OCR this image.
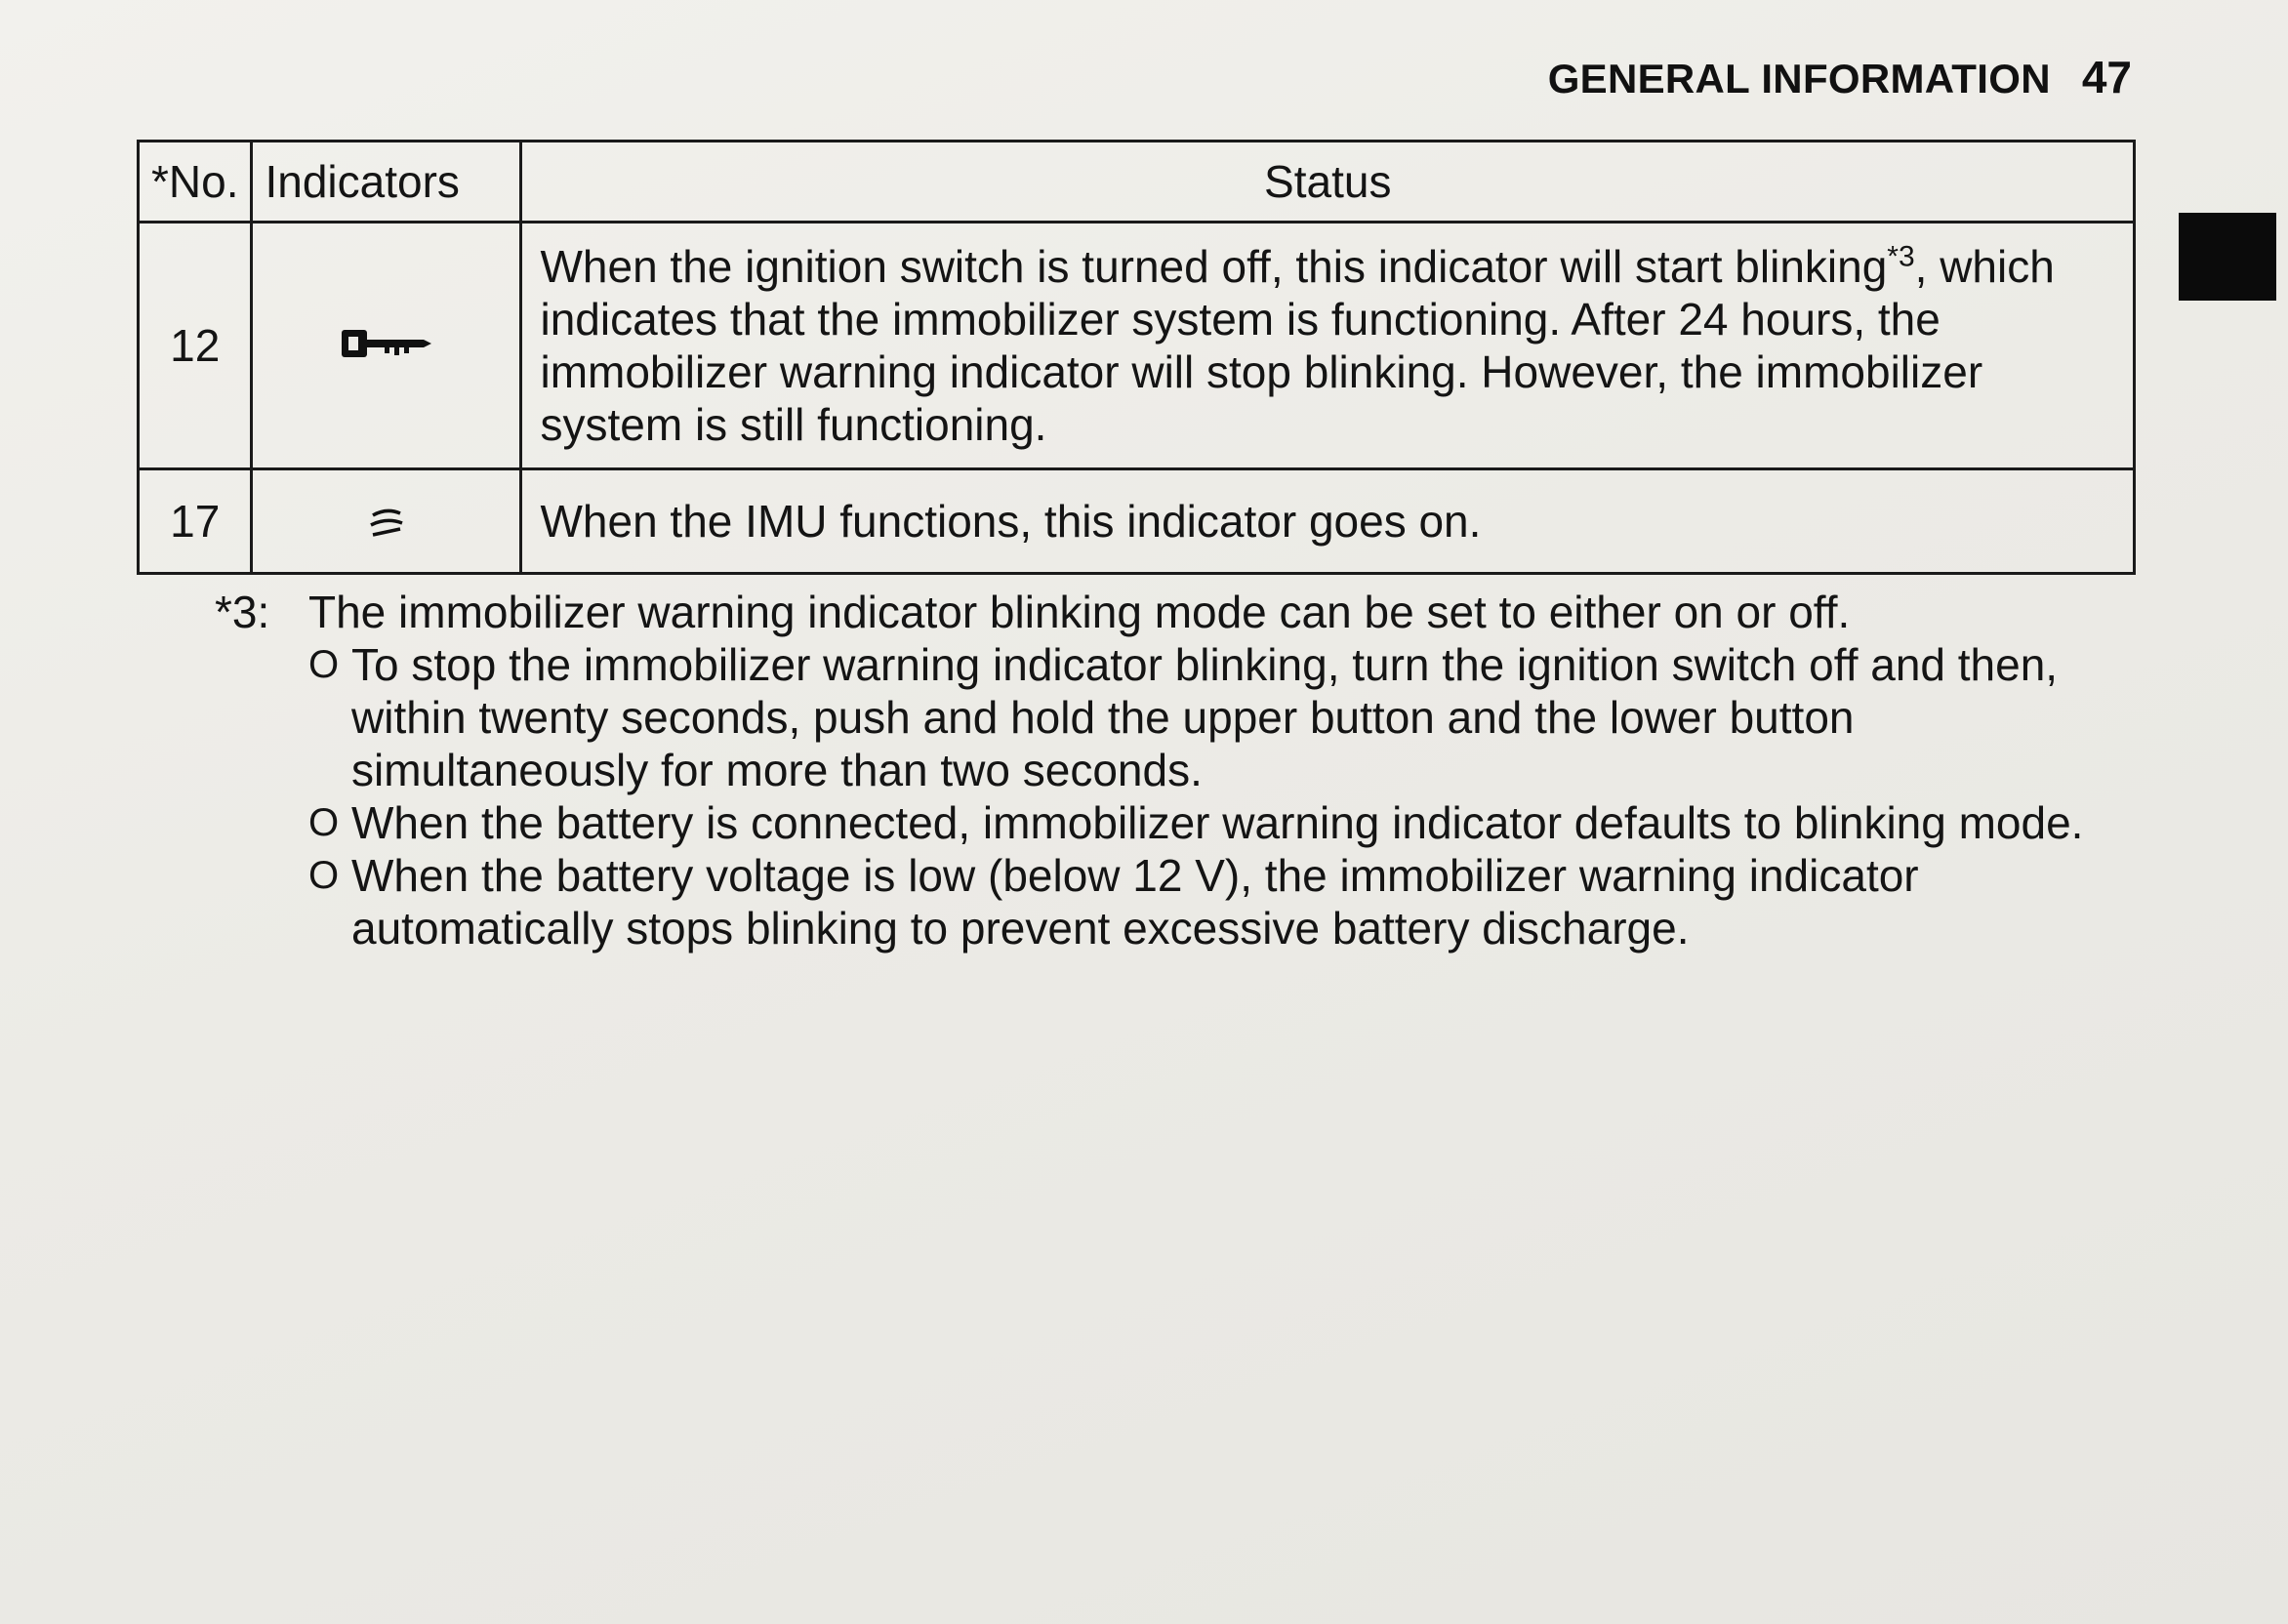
GENERAL INFORMATION 47
*No.	Indicators	Status
12		When the ignition switch is turned off, this indicator will start blinking$^{*3}$, which indicates that the immobilizer system is functioning. After 24 hours, the immobilizer warning indicator will stop blinking. However, the immobilizer system is still functioning.
17		When the IMU functions, this indicator goes on.
*3: The immobilizer warning indicator blinking mode can be set to either on or off.
O To stop the immobilizer warning indicator blinking, turn the ignition switch off and then, within twenty seconds, push and hold the upper button and the lower button simultaneously for more than two seconds.
O When the battery is connected, immobilizer warning indicator defaults to blinking mode.
O When the battery voltage is low (below 12 V), the immobilizer warning indicator automatically stops blinking to prevent excessive battery discharge.
